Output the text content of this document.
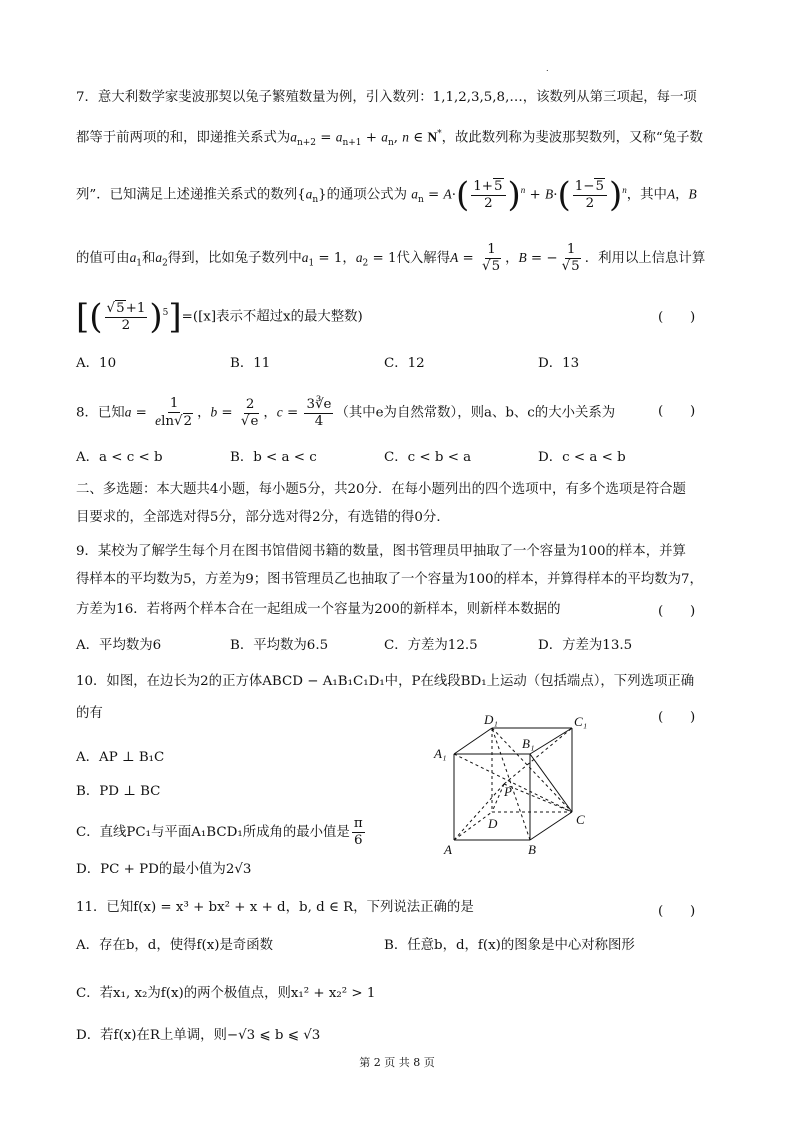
.
7．意大利数学家斐波那契以兔子繁殖数量为例，引入数列：1,1,2,3,5,8,…，该数列从第三项起，每一项
都等于前两项的和，即递推关系式为$a_{n+2} = a_{n+1} + a_n$, n ∈ N*，故此数列称为斐波那契数列，又称“兔子数
列”．已知满足上述递推关系式的数列$\{a_n\}$的通项公式为 $a_n = A\cdot( \frac{1+5}{2} )^n + B\cdot( \frac{1-5}{2} )^n$，其中A，B
的值可由$a_1$和$a_2$得到，比如兔子数列中$a_1 = 1$，$a_2 = 1$代入解得$A = \frac{1}{√5}$ ，B = − $\frac{1}{√5}$ ．利用以上信息计算
[( $\frac{√5+1}{2} )^5]=([x]$表示不超过x的最大整数)	(　　)
A．10	B．11	C．12	D．13
8．已知$a = \frac{1}{eln√2}$ ，$b = \frac{2}{√e}$ ，$c = \frac{3∛e}{4}$ （其中e为自然常数），则a、b、c的大小关系为	(　　)
A．a < c < b	B．b < a < c	C．c < b < a	D．c < a < b
二、多选题：本大题共4小题，每小题5分，共20分．在每小题列出的四个选项中，有多个选项是符合题
目要求的，全部选对得5分，部分选对得2分，有选错的得0分．
9．某校为了解学生每个月在图书馆借阅书籍的数量，图书管理员甲抽取了一个容量为100的样本，并算
得样本的平均数为5，方差为9；图书管理员乙也抽取了一个容量为100的样本，并算得样本的平均数为7，
方差为16．若将两个样本合在一起组成一个容量为200的新样本，则新样本数据的	(　　)
A．平均数为6	B．平均数为6.5	C．方差为12.5	D．方差为13.5
10．如图，在边长为2的正方体ABCD − A₁B₁C₁D₁中，P在线段BD₁上运动（包括端点），下列选项正确
的有	(　　)
A．AP ⊥ B₁C
B．PD ⊥ BC
C．直线PC₁与平面A₁BCD₁所成角的最小值是 $\frac{\pi}{6}$
D．PC + PD的最小值为2√3
D₁	C₁
B₁
A₁
P
D	C
A	B
11．已知f(x) = x³ + bx² + x + d，b, d ∈ R，下列说法正确的是	(　　)
A．存在b，d，使得f(x)是奇函数	B．任意b，d，f(x)的图象是中心对称图形
C．若x₁, x₂为f(x)的两个极值点，则x₁² + x₂² > 1
D．若f(x)在R上单调，则−√3 ⩽ b ⩽ √3
第 2 页 共 8 页
